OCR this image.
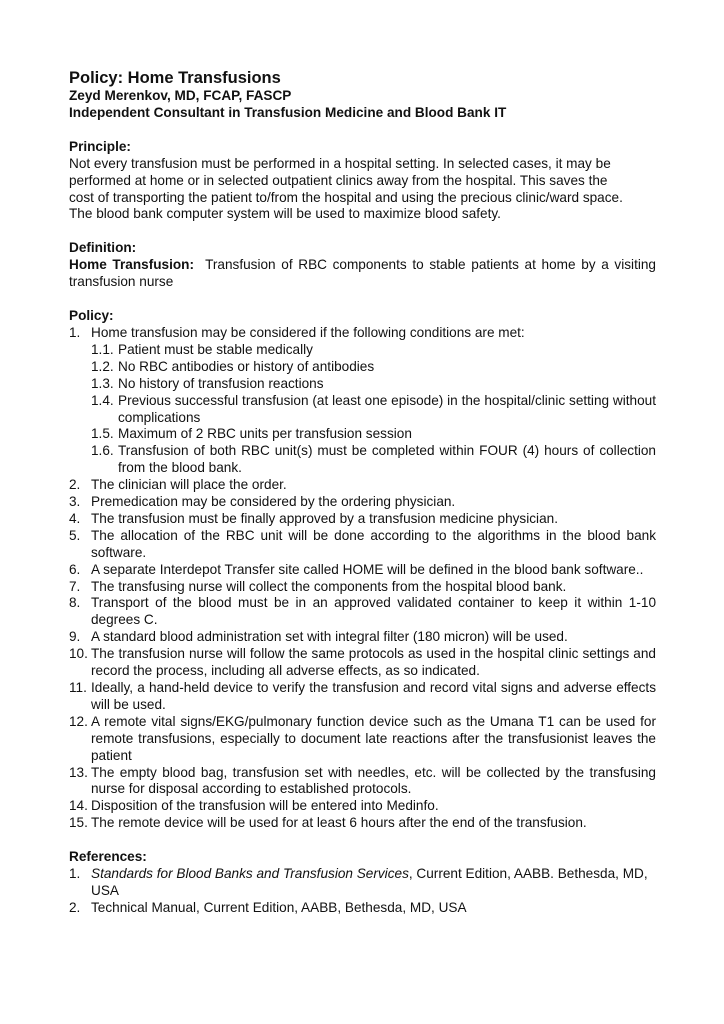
Policy: Home Transfusions

Zeyd Merenkov, MD, FCAP, FASCP

Independent Consultant in Transfusion Medicine and Blood Bank IT

Principle:

Not every transfusion must be performed in a hospital setting. In selected cases, it may be

performed at home or in selected outpatient clinics away from the hospital. This saves the

cost of transporting the patient to/from the hospital and using the precious clinic/ward space.

The blood bank computer system will be used to maximize blood safety.

Definition:

Home Transfusion:  Transfusion of RBC components to stable patients at home by a visiting transfusion nurse

Policy:

1. Home transfusion may be considered if the following conditions are met:
1.1. Patient must be stable medically
1.2. No RBC antibodies or history of antibodies
1.3. No history of transfusion reactions
1.4. Previous successful transfusion (at least one episode) in the hospital/clinic setting without complications
1.5. Maximum of 2 RBC units per transfusion session
1.6. Transfusion of both RBC unit(s) must be completed within FOUR (4) hours of collection from the blood bank.
2. The clinician will place the order.
3. Premedication may be considered by the ordering physician.
4. The transfusion must be finally approved by a transfusion medicine physician.
5. The allocation of the RBC unit will be done according to the algorithms in the blood bank software.
6. A separate Interdepot Transfer site called HOME will be defined in the blood bank software..
7. The transfusing nurse will collect the components from the hospital blood bank.
8. Transport of the blood must be in an approved validated container to keep it within 1-10 degrees C.
9. A standard blood administration set with integral filter (180 micron) will be used.
10. The transfusion nurse will follow the same protocols as used in the hospital clinic settings and record the process, including all adverse effects, as so indicated.
11. Ideally, a hand-held device to verify the transfusion and record vital signs and adverse effects will be used.
12. A remote vital signs/EKG/pulmonary function device such as the Umana T1 can be used for remote transfusions, especially to document late reactions after the transfusionist leaves the patient
13. The empty blood bag, transfusion set with needles, etc. will be collected by the transfusing nurse for disposal according to established protocols.
14. Disposition of the transfusion will be entered into Medinfo.
15. The remote device will be used for at least 6 hours after the end of the transfusion.

References:

1. Standards for Blood Banks and Transfusion Services, Current Edition, AABB. Bethesda, MD, USA
2. Technical Manual, Current Edition, AABB, Bethesda, MD, USA
